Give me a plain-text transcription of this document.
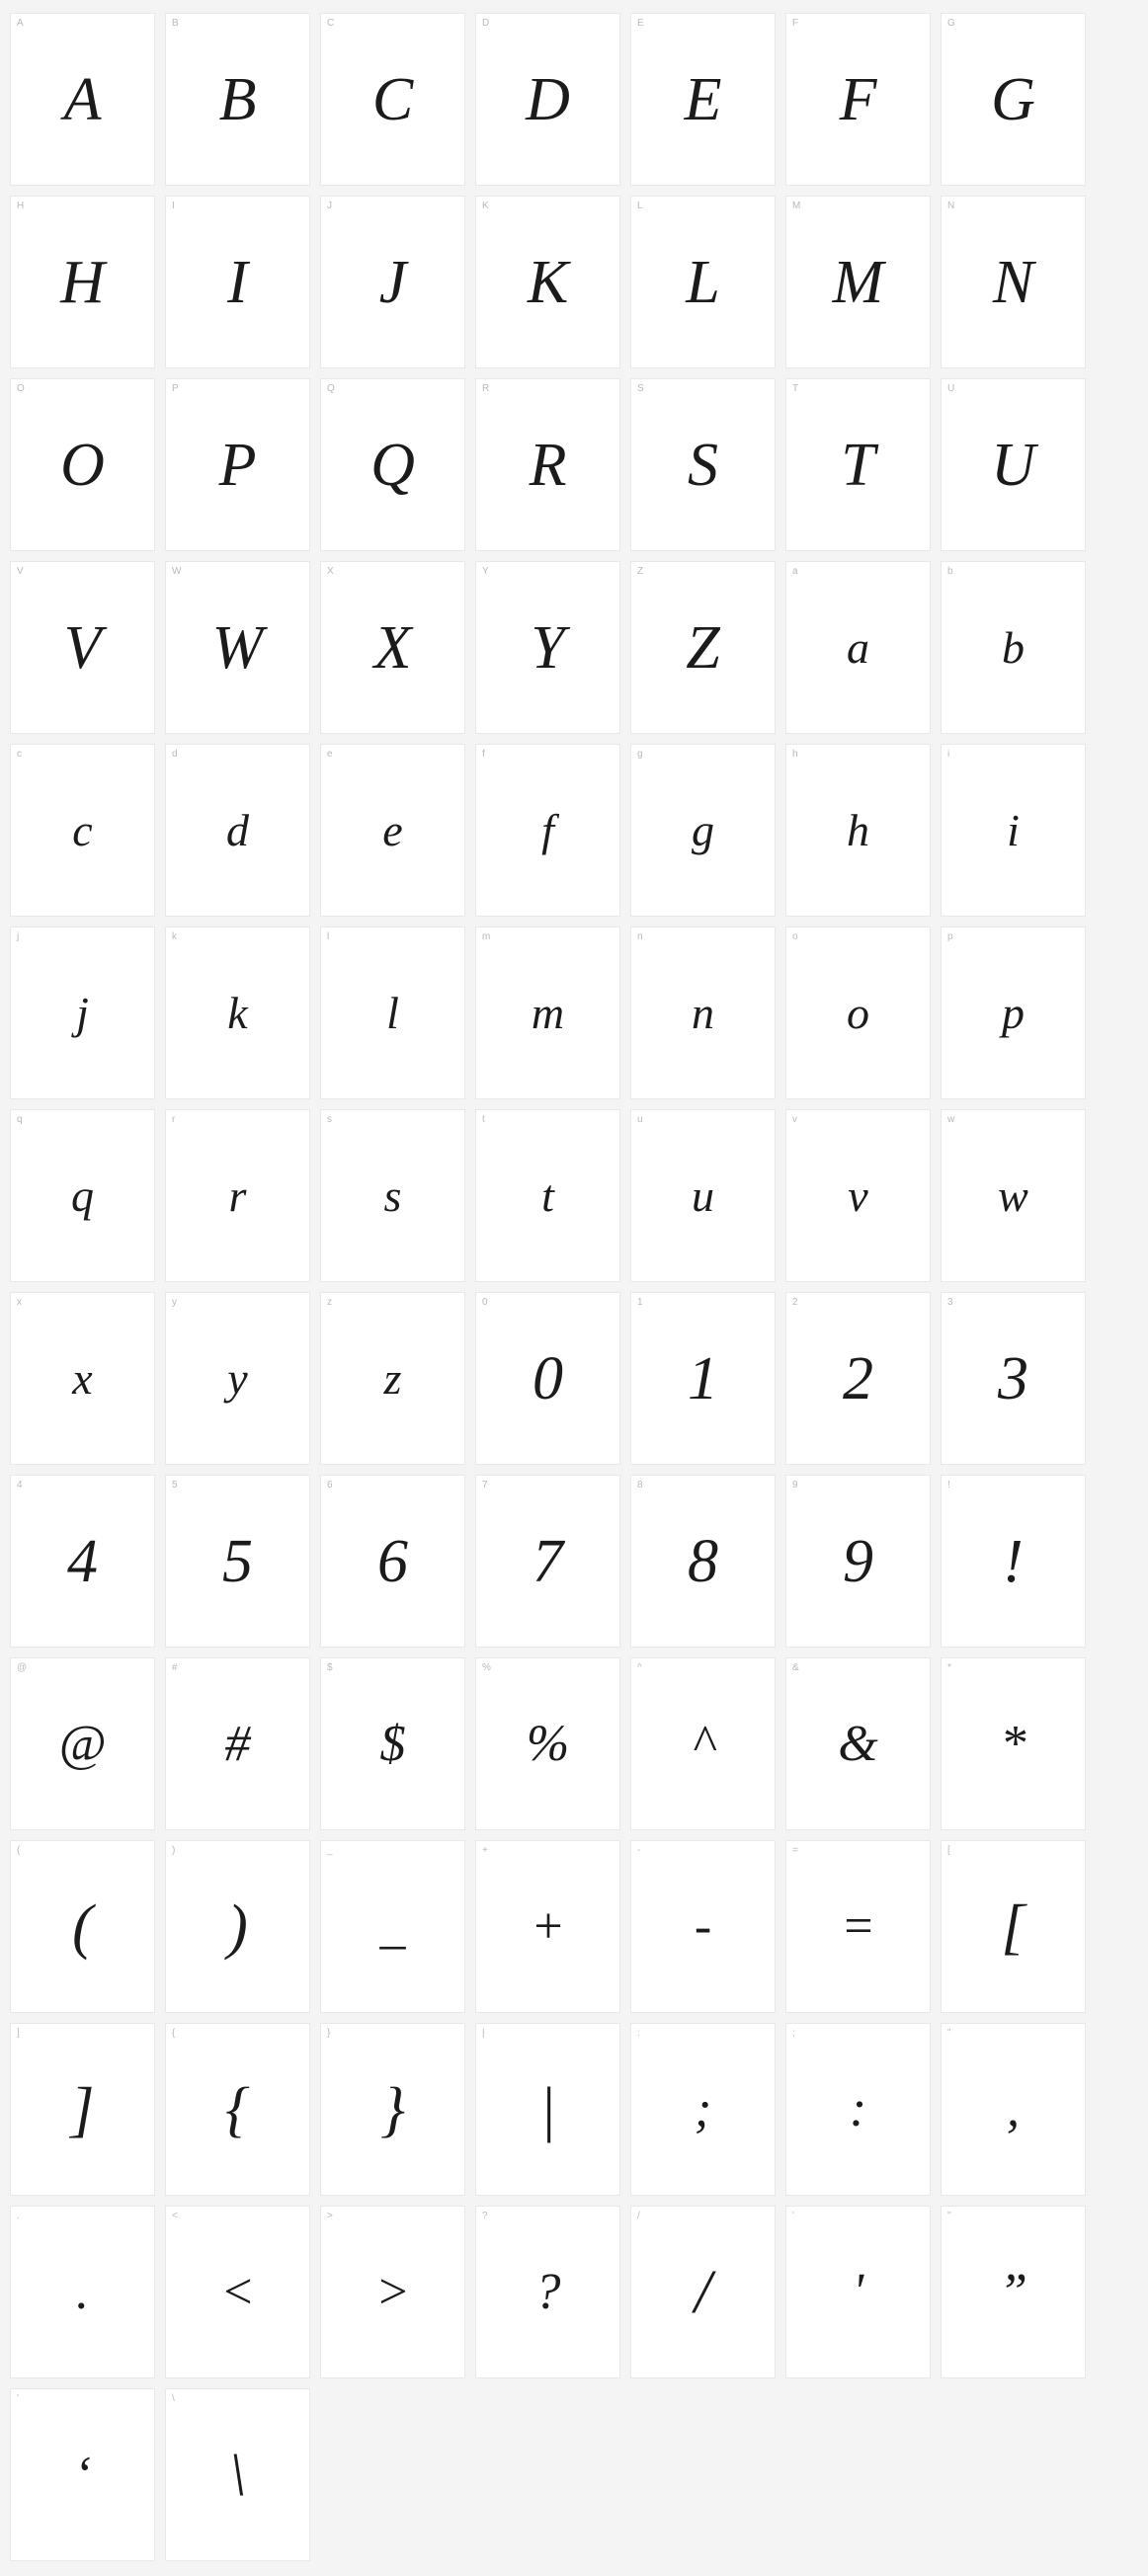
A
A
B
B
C
C
D
D
E
E
F
F
G
G
H
H
I
I
J
J
K
K
L
L
M
M
N
N
O
O
P
P
Q
Q
R
R
S
S
T
T
U
U
V
V
W
W
X
X
Y
Y
Z
Z
a
a
b
b
c
c
d
d
e
e
f
f
g
g
h
h
i
i
j
j
k
k
l
l
m
m
n
n
o
o
p
p
q
q
r
r
s
s
t
t
u
u
v
v
w
w
x
x
y
y
z
z
0
0
1
1
2
2
3
3
4
4
5
5
6
6
7
7
8
8
9
9
!
!
@
@
#
#
$
$
%
%
^
^
&
&
*
*
(
(
)
)
_
_
+
+
-
-
=
=
[
[
]
]
{
{
}
}
|
|
:
;
;
:
"
,
.
.
<
<
>
>
?
?
/
/
'
'
"
”
'
‘
\
\
